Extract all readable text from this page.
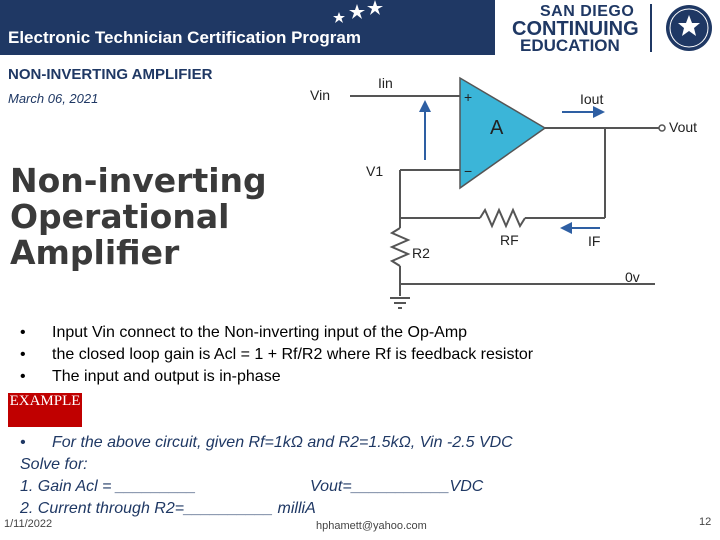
Electronic Technician Certification Program
SAN DIEGO
CONTINUING
EDUCATION
NON-INVERTING AMPLIFIER
March 06, 2021
Non-inverting
Operational
Amplifier
Vin
Iin
+
−
A
Iout
Vout
V1
RF	IF
R2
0v
•	Input Vin connect to the Non-inverting input of the Op-Amp
•	the closed loop gain is Acl = 1 + Rf/R2 where Rf is feedback resistor
•	The input and output is in-phase
EXAMPLE
•	For the above circuit, given Rf=1kΩ and R2=1.5kΩ, Vin -2.5 VDC
Solve for:
1. Gain Acl = _________	Vout=___________VDC
2. Current through R2=__________ milliA
1/11/2022	hphamett@yahoo.com	12
